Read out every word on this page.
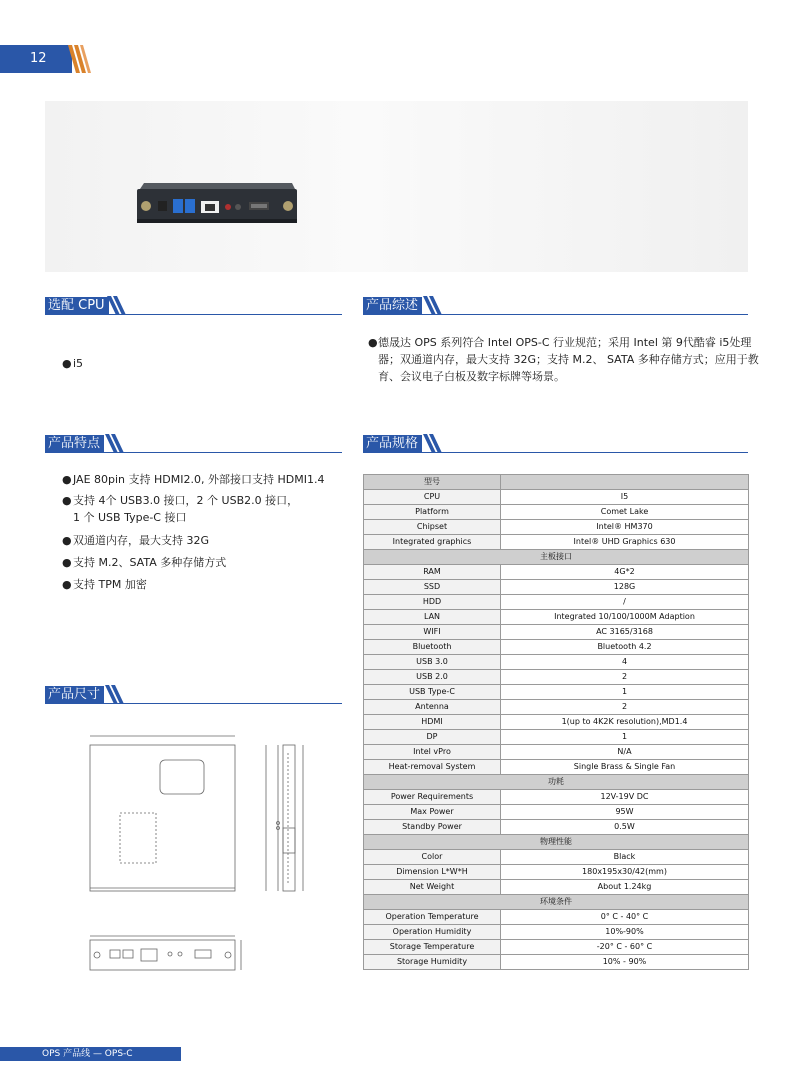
12
选配 CPU
● i5
产品综述
● 德晟达 OPS 系列符合 Intel OPS-C 行业规范；采用 Intel 第 9代酷睿 i5处理
器；双通道内存，最大支持 32G；支持 M.2、 SATA 多种存储方式；应用于教
育、会议电子白板及数字标牌等场景。
产品特点
● JAE 80pin 支持 HDMI2.0, 外部接口支持 HDMI1.4
● 支持 4个 USB3.0 接口，2 个 USB2.0 接口，
1 个 USB Type-C 接口
● 双通道内存，最大支持 32G
● 支持 M.2、SATA 多种存储方式
● 支持 TPM 加密
产品尺寸
产品规格
型号	
CPU	I5
Platform	Comet Lake
Chipset	Intel® HM370
Integrated graphics	Intel® UHD Graphics 630
主板接口	
RAM	4G*2
SSD	128G
HDD	/
LAN	Integrated 10/100/1000M Adaption
WIFI	AC 3165/3168
Bluetooth	Bluetooth 4.2
USB 3.0	4
USB 2.0	2
USB Type-C	1
Antenna	2
HDMI	1(up to 4K2K resolution),MD1.4
DP	1
Intel vPro	N/A
Heat-removal System	Single Brass & Single Fan
功耗	
Power Requirements	12V-19V DC
Max Power	95W
Standby Power	0.5W
物理性能	
Color	Black
Dimension L*W*H	180x195x30/42(mm)
Net Weight	About 1.24kg
环境条件	
Operation Temperature	0° C - 40° C
Operation Humidity	10%-90%
Storage Temperature	-20° C - 60° C
Storage Humidity	10% - 90%
OPS 产品线 — OPS-C
